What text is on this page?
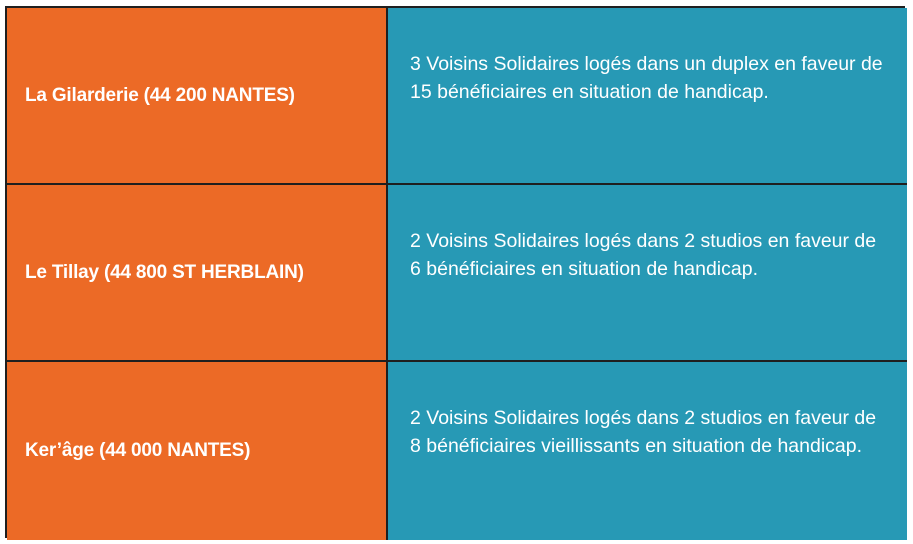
La Gilarderie (44 200 NANTES)
3 Voisins Solidaires logés dans un duplex en faveur de 15 bénéficiaires en situation de handicap.
Le Tillay (44 800 ST HERBLAIN)
2 Voisins Solidaires logés dans 2 studios en faveur de 6 bénéficiaires en situation de handicap.
Ker’âge (44 000 NANTES)
2 Voisins Solidaires logés dans 2 studios en faveur de 8 bénéficiaires vieillissants en situation de handicap.
